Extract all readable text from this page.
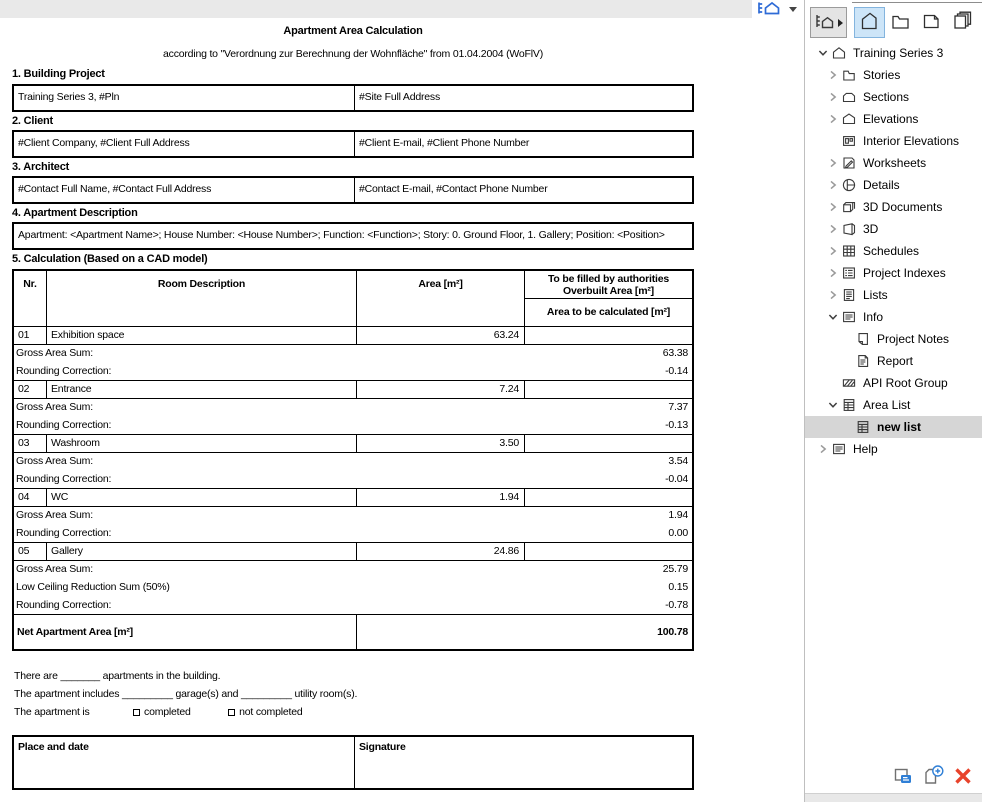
Apartment Area Calculation
according to "Verordnung zur Berechnung der Wohnfläche" from 01.04.2004 (WoFlV)
1. Building Project
Training Series 3, #Pln	#Site Full Address
2. Client
#Client Company, #Client Full Address	#Client E-mail, #Client Phone Number
3. Architect
#Contact Full Name, #Contact Full Address	#Contact E-mail, #Contact Phone Number
4. Apartment Description
Apartment: <Apartment Name>; House Number: <House Number>; Function: <Function>; Story: 0. Ground Floor, 1. Gallery; Position: <Position>
5. Calculation (Based on a CAD model)
Nr.	Room Description	Area [m²]	To be filled by authorities Overbuilt Area [m²]
Area to be calculated [m²]
01	Exhibition space	63.24
Gross Area Sum:	63.38
Rounding Correction:	-0.14
02	Entrance	7.24
Gross Area Sum:	7.37
Rounding Correction:	-0.13
03	Washroom	3.50
Gross Area Sum:	3.54
Rounding Correction:	-0.04
04	WC	1.94
Gross Area Sum:	1.94
Rounding Correction:	0.00
05	Gallery	24.86
Gross Area Sum:	25.79
Low Ceiling Reduction Sum (50%)	0.15
Rounding Correction:	-0.78
Net Apartment Area [m²]	100.78
There are _______ apartments in the building.
The apartment includes _________ garage(s) and _________ utility room(s).
The apartment is	completed	not completed
Place and date	Signature
Training Series 3
Stories
Sections
Elevations
Interior Elevations
Worksheets
Details
3D Documents
3D
Schedules
Project Indexes
Lists
Info
Project Notes
Report
API Root Group
Area List
new list
Help
